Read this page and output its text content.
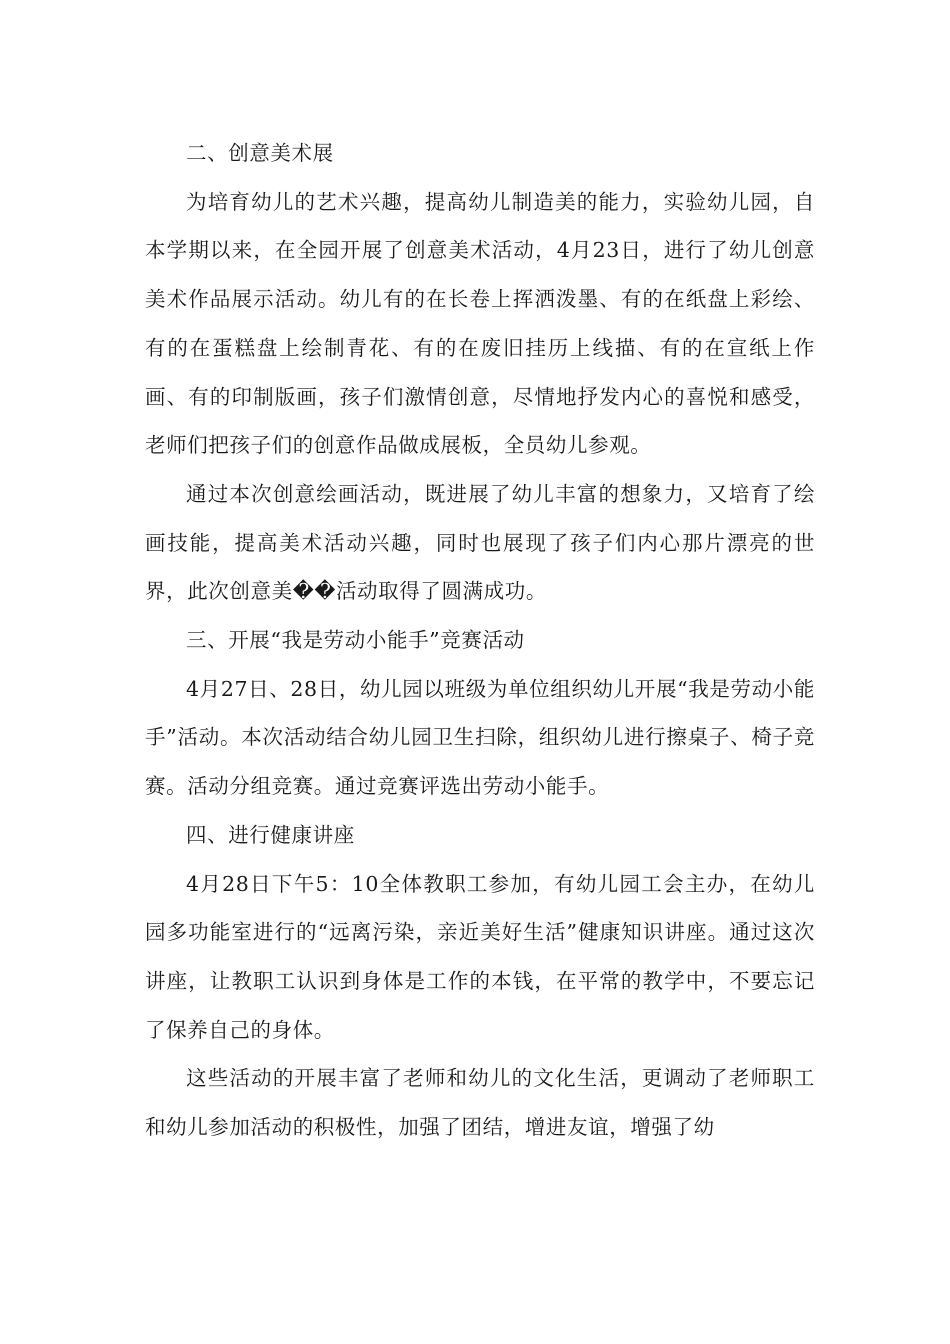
二、创意美术展

为培育幼儿的艺术兴趣，提高幼儿制造美的能力，实验幼儿园，自本学期以来，在全园开展了创意美术活动，4月23日，进行了幼儿创意美术作品展示活动。幼儿有的在长卷上挥洒泼墨、有的在纸盘上彩绘、有的在蛋糕盘上绘制青花、有的在废旧挂历上线描、有的在宣纸上作画、有的印制版画，孩子们激情创意，尽情地抒发内心的喜悦和感受，老师们把孩子们的创意作品做成展板，全员幼儿参观。

通过本次创意绘画活动，既进展了幼儿丰富的想象力，又培育了绘画技能，提高美术活动兴趣，同时也展现了孩子们内心那片漂亮的世界，此次创意美��活动取得了圆满成功。

三、开展“我是劳动小能手”竞赛活动

4月27日、28日，幼儿园以班级为单位组织幼儿开展“我是劳动小能手”活动。本次活动结合幼儿园卫生扫除，组织幼儿进行擦桌子、椅子竞赛。活动分组竞赛。通过竞赛评选出劳动小能手。

四、进行健康讲座

4月28日下午5：10全体教职工参加，有幼儿园工会主办，在幼儿园多功能室进行的“远离污染，亲近美好生活”健康知识讲座。通过这次讲座，让教职工认识到身体是工作的本钱，在平常的教学中，不要忘记了保养自己的身体。

这些活动的开展丰富了老师和幼儿的文化生活，更调动了老师职工和幼儿参加活动的积极性，加强了团结，增进友谊，增强了幼
